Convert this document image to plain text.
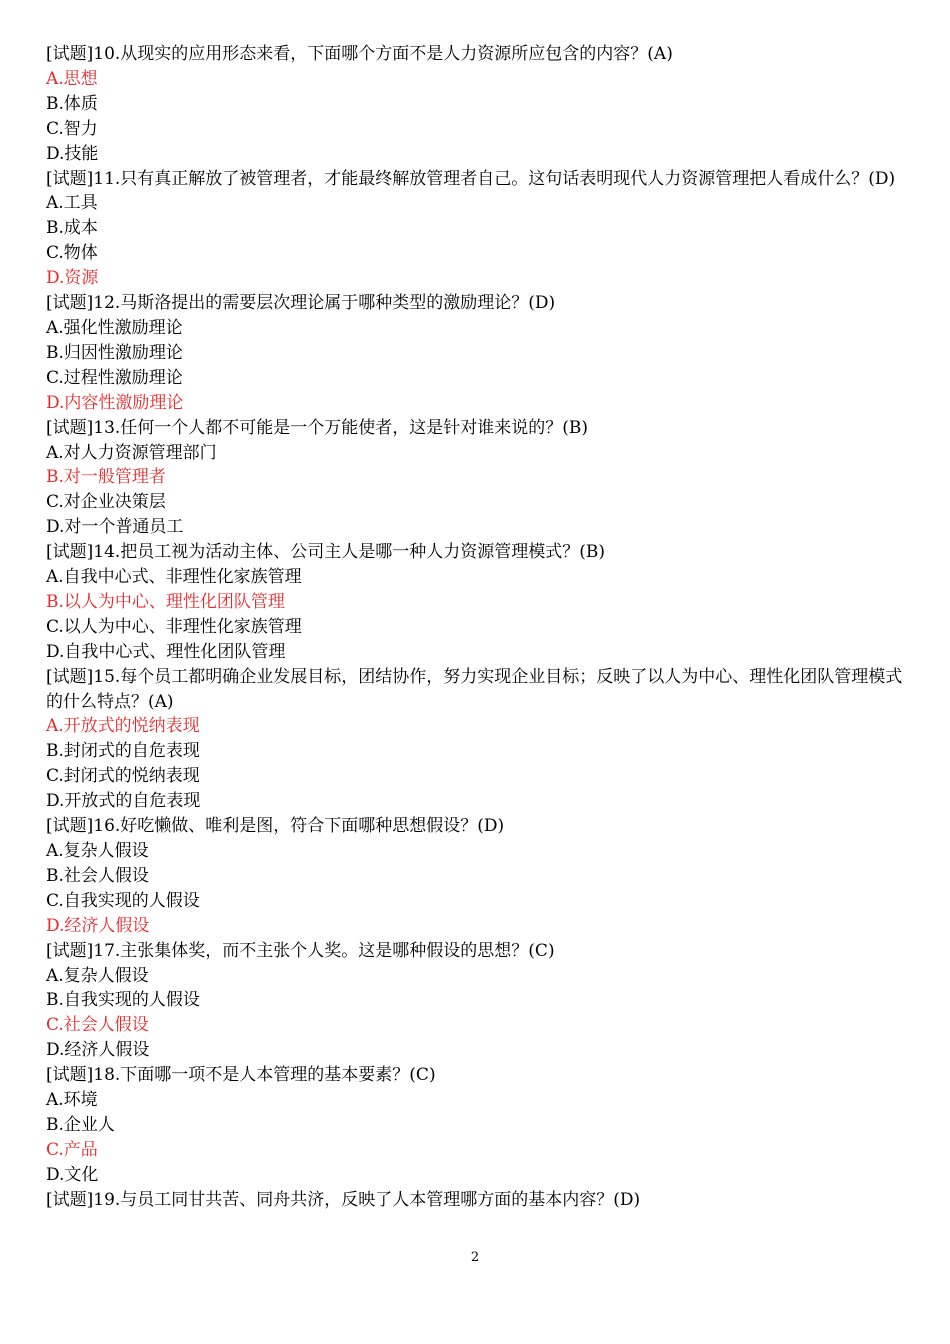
[试题]10.从现实的应用形态来看，下面哪个方面不是人力资源所应包含的内容？(A)
A.思想
B.体质
C.智力
D.技能
[试题]11.只有真正解放了被管理者，才能最终解放管理者自己。这句话表明现代人力资源管理把人看成什么？(D)
A.工具
B.成本
C.物体
D.资源
[试题]12.马斯洛提出的需要层次理论属于哪种类型的激励理论？(D)
A.强化性激励理论
B.归因性激励理论
C.过程性激励理论
D.内容性激励理论
[试题]13.任何一个人都不可能是一个万能使者，这是针对谁来说的？(B)
A.对人力资源管理部门
B.对一般管理者
C.对企业决策层
D.对一个普通员工
[试题]14.把员工视为活动主体、公司主人是哪一种人力资源管理模式？(B)
A.自我中心式、非理性化家族管理
B.以人为中心、理性化团队管理
C.以人为中心、非理性化家族管理
D.自我中心式、理性化团队管理
[试题]15.每个员工都明确企业发展目标，团结协作，努力实现企业目标；反映了以人为中心、理性化团队管理模式的什么特点？(A)
A.开放式的悦纳表现
B.封闭式的自危表现
C.封闭式的悦纳表现
D.开放式的自危表现
[试题]16.好吃懒做、唯利是图，符合下面哪种思想假设？(D)
A.复杂人假设
B.社会人假设
C.自我实现的人假设
D.经济人假设
[试题]17.主张集体奖，而不主张个人奖。这是哪种假设的思想？(C)
A.复杂人假设
B.自我实现的人假设
C.社会人假设
D.经济人假设
[试题]18.下面哪一项不是人本管理的基本要素？(C)
A.环境
B.企业人
C.产品
D.文化
[试题]19.与员工同甘共苦、同舟共济，反映了人本管理哪方面的基本内容？(D)
2
